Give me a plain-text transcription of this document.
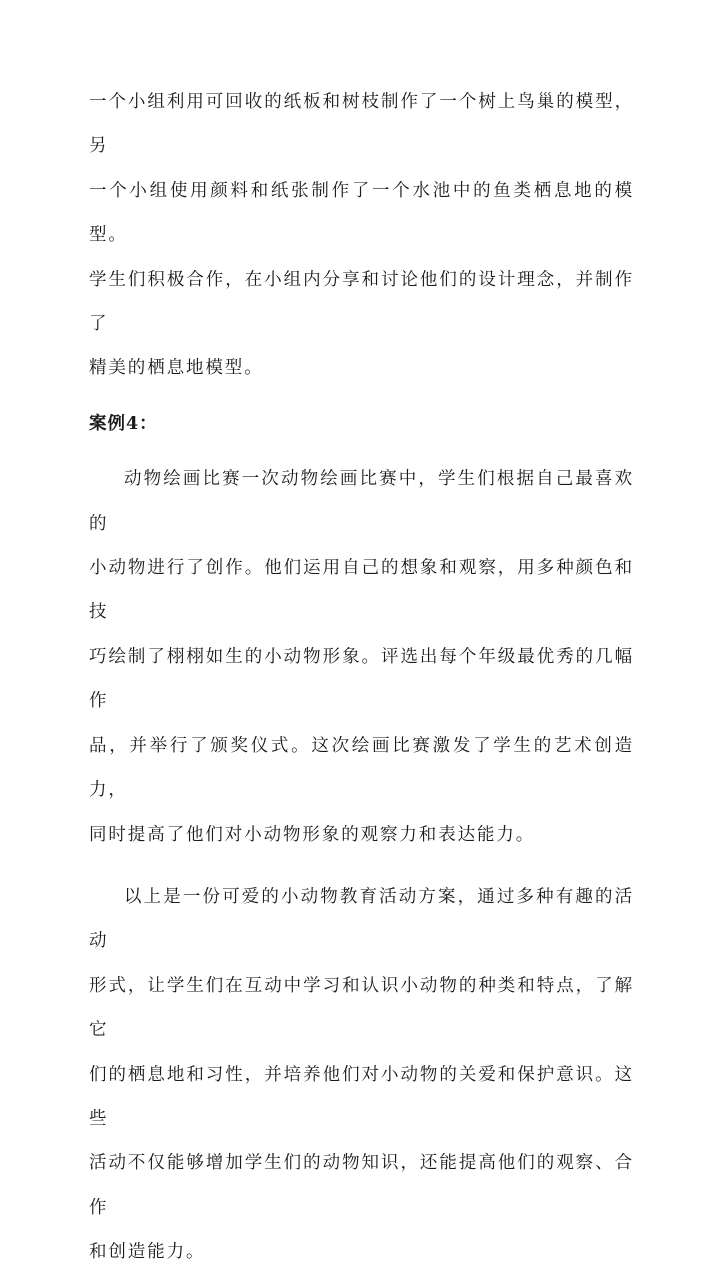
一个小组利用可回收的纸板和树枝制作了一个树上鸟巢的模型，另

一个小组使用颜料和纸张制作了一个水池中的鱼类栖息地的模型。

学生们积极合作，在小组内分享和讨论他们的设计理念，并制作了

精美的栖息地模型。

案例4：

动物绘画比赛一次动物绘画比赛中，学生们根据自己最喜欢的

小动物进行了创作。他们运用自己的想象和观察，用多种颜色和技

巧绘制了栩栩如生的小动物形象。评选出每个年级最优秀的几幅作

品，并举行了颁奖仪式。这次绘画比赛激发了学生的艺术创造力，

同时提高了他们对小动物形象的观察力和表达能力。

以上是一份可爱的小动物教育活动方案，通过多种有趣的活动

形式，让学生们在互动中学习和认识小动物的种类和特点，了解它

们的栖息地和习性，并培养他们对小动物的关爱和保护意识。这些

活动不仅能够增加学生们的动物知识，还能提高他们的观察、合作

和创造能力。
